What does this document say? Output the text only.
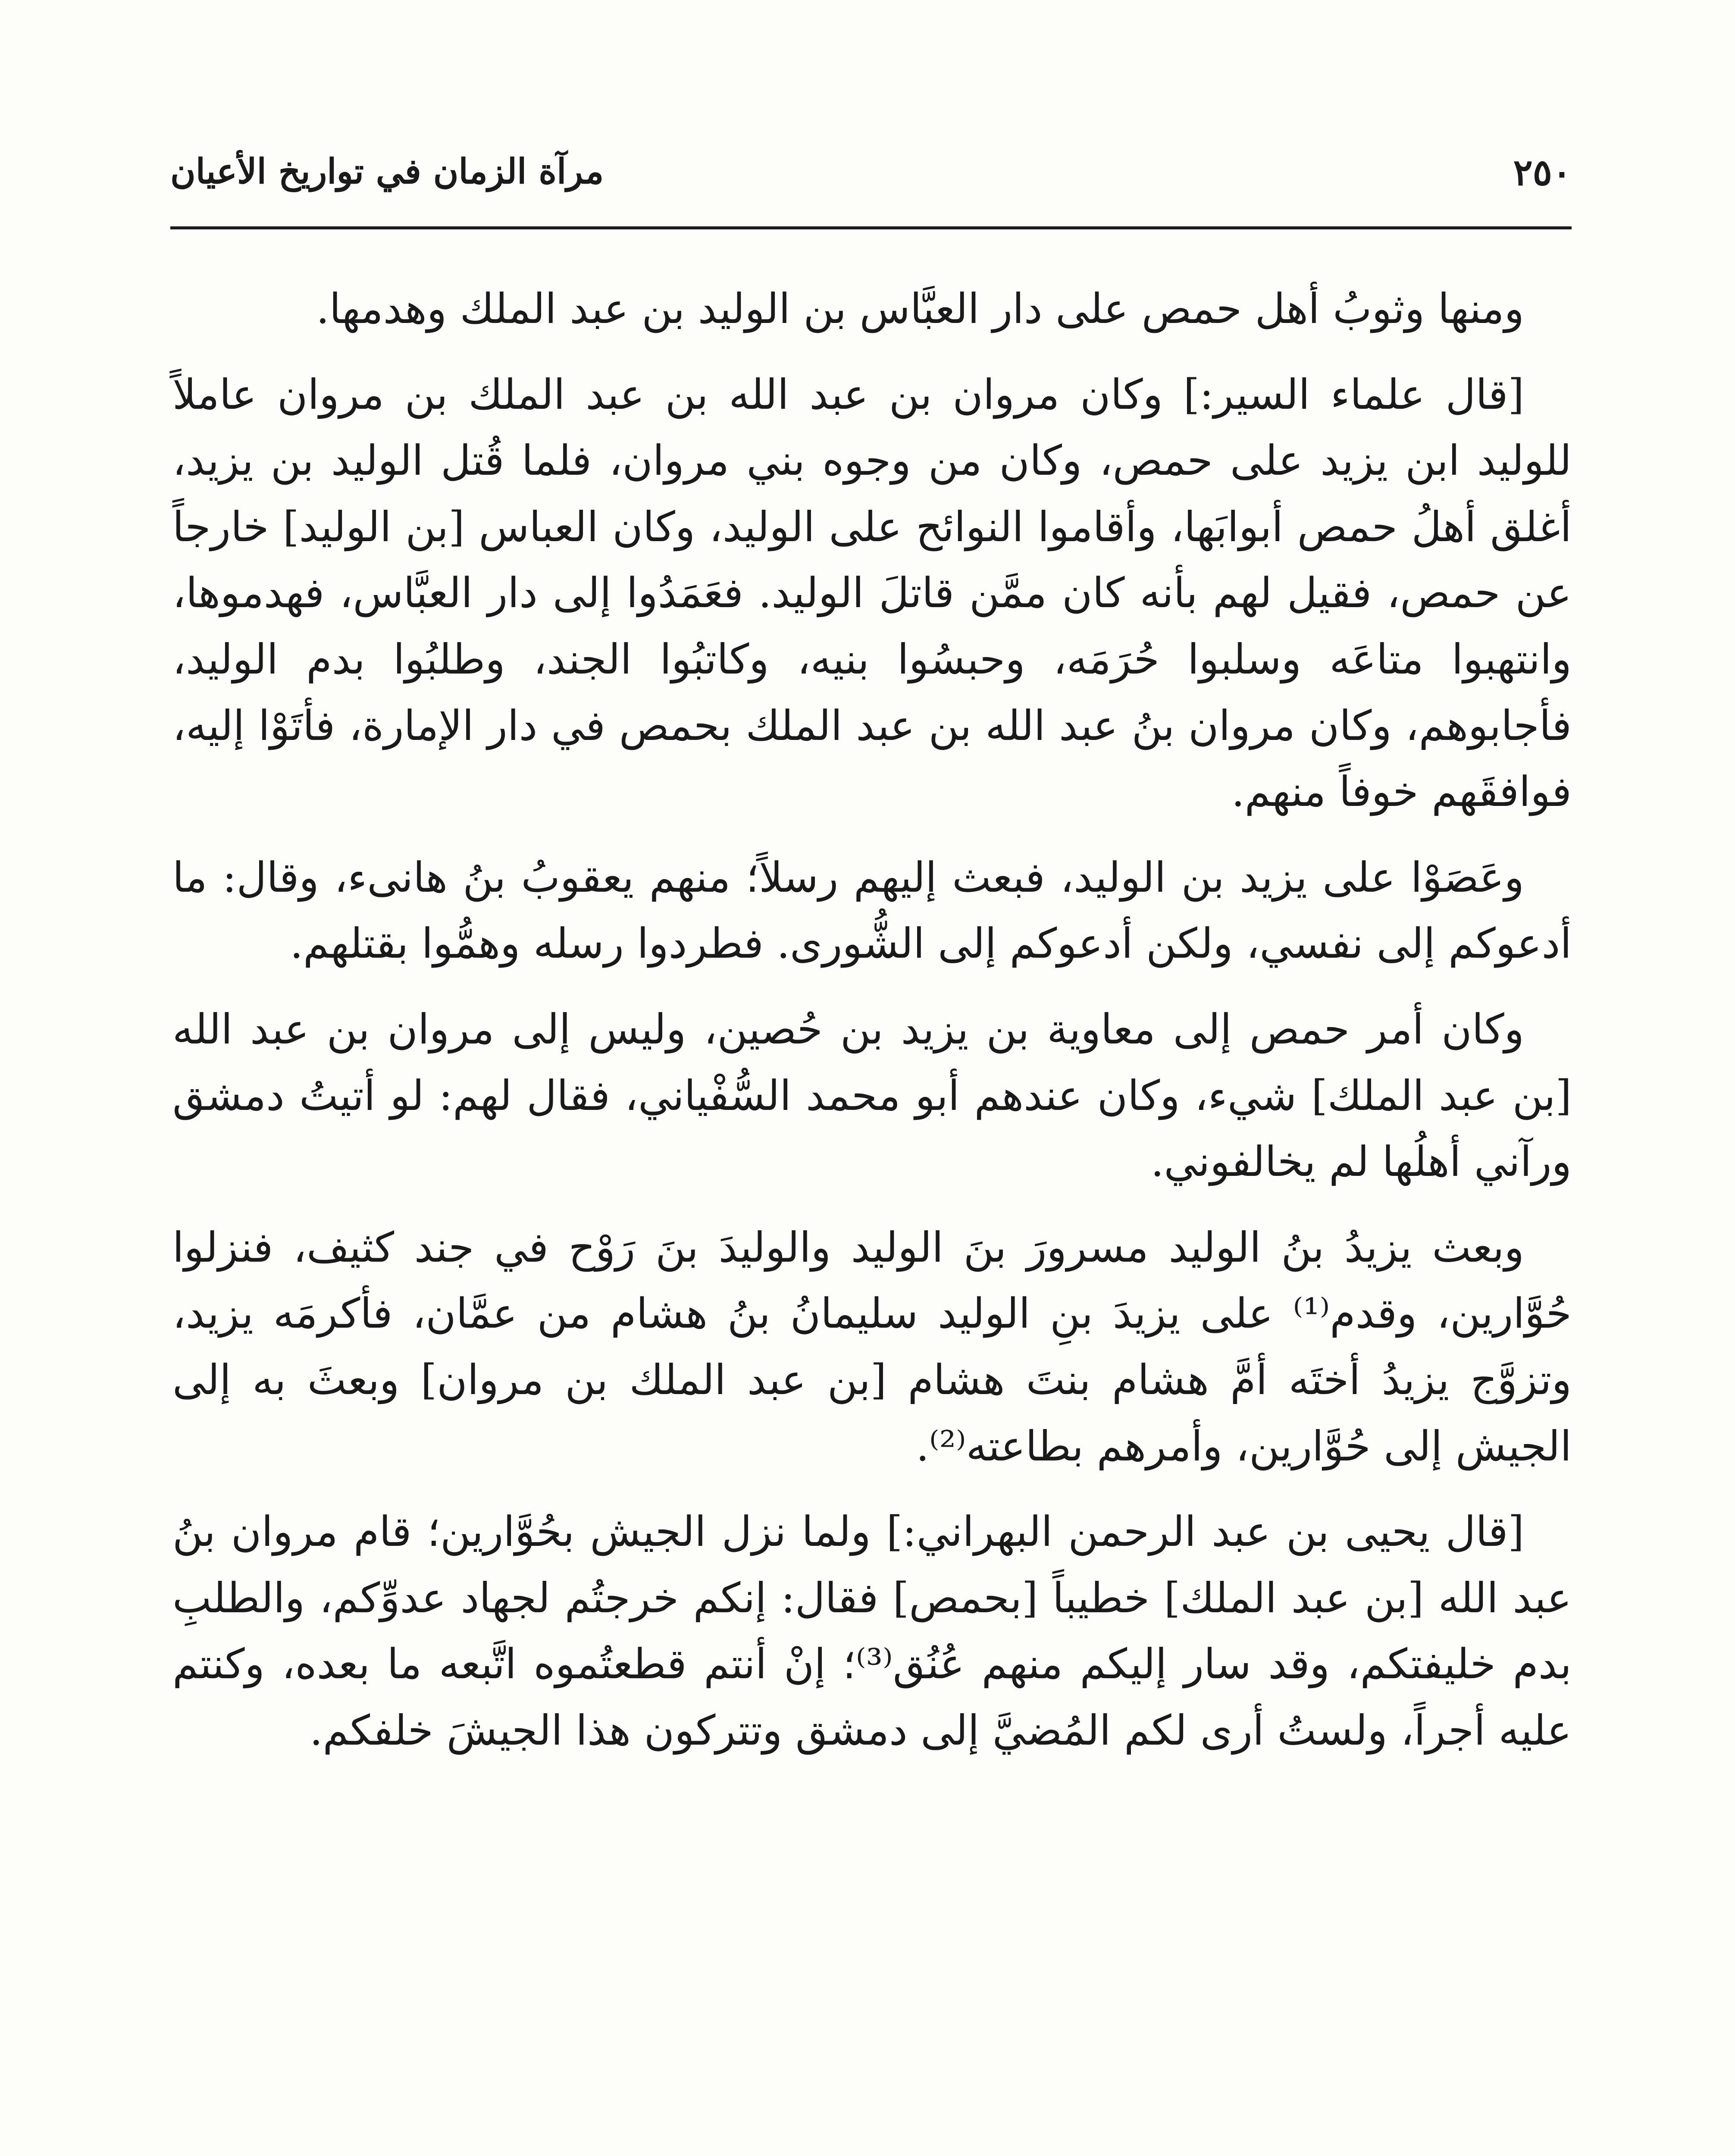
٢٥٠
مرآة الزمان في تواريخ الأعيان

ومنها وثوبُ أهل حمص على دار العبَّاس بن الوليد بن عبد الملك وهدمها.

[قال علماء السير:] وكان مروان بن عبد الله بن عبد الملك بن مروان عاملاً للوليد ابن يزيد على حمص، وكان من وجوه بني مروان، فلما قُتل الوليد بن يزيد، أغلق أهلُ حمص أبوابَها، وأقاموا النوائح على الوليد، وكان العباس [بن الوليد] خارجاً عن حمص، فقيل لهم بأنه كان ممَّن قاتلَ الوليد. فعَمَدُوا إلى دار العبَّاس، فهدموها، وانتهبوا متاعَه وسلبوا حُرَمَه، وحبسُوا بنيه، وكاتبُوا الجند، وطلبُوا بدم الوليد، فأجابوهم، وكان مروان بنُ عبد الله بن عبد الملك بحمص في دار الإمارة، فأتَوْا إليه، فوافقَهم خوفاً منهم.

وعَصَوْا على يزيد بن الوليد، فبعث إليهم رسلاً؛ منهم يعقوبُ بنُ هانىء، وقال: ما أدعوكم إلى نفسي، ولكن أدعوكم إلى الشُّورى. فطردوا رسله وهمُّوا بقتلهم.

وكان أمر حمص إلى معاوية بن يزيد بن حُصين، وليس إلى مروان بن عبد الله [بن عبد الملك] شيء، وكان عندهم أبو محمد السُّفْياني، فقال لهم: لو أتيتُ دمشق ورآني أهلُها لم يخالفوني.

وبعث يزيدُ بنُ الوليد مسرورَ بنَ الوليد والوليدَ بنَ رَوْح في جند كثيف، فنزلوا حُوَّارين، وقدم⁽¹⁾ على يزيدَ بنِ الوليد سليمانُ بنُ هشام من عمَّان، فأكرمَه يزيد، وتزوَّج يزيدُ أختَه أمَّ هشام بنتَ هشام [بن عبد الملك بن مروان] وبعثَ به إلى الجيش إلى حُوَّارين، وأمرهم بطاعته⁽²⁾.

[قال يحيى بن عبد الرحمن البهراني:] ولما نزل الجيش بحُوَّارين؛ قام مروان بنُ عبد الله [بن عبد الملك] خطيباً [بحمص] فقال: إنكم خرجتُم لجهاد عدوِّكم، والطلبِ بدم خليفتكم، وقد سار إليكم منهم عُنُق⁽³⁾؛ إنْ أنتم قطعتُموه اتَّبعه ما بعده، وكنتم عليه أجراً، ولستُ أرى لكم المُضيَّ إلى دمشق وتتركون هذا الجيشَ خلفكم.
